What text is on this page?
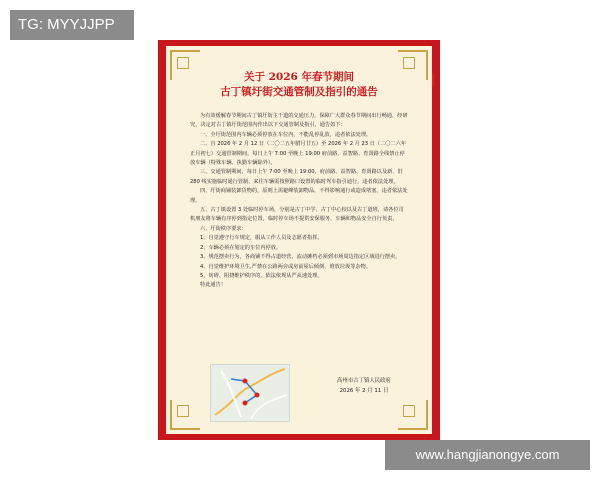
TG: MYYJJPP
关于 2026 年春节期间
古丁镇圩街交通管制及指引的通告

为有效缓解春节期间古丁镇圩街主干道的交通压力，保障广大群众春节期间出行畅通，经研究，决定对古丁镇圩街范围内作出以下交通管制及指引，通告如下：

一、全圩街范围内车辆必须停放在车位内，不能乱停乱放，违者依法处理。

二、自 2026 年 2 月 12 日（二〇二五年腊月廿五）至 2026 年 2 月 23 日（二〇二六年正月初七）交通管制期间，每日上午 7:00 至晚上 19:00 府前路、益智路、育贤路全线禁止停放车辆（特殊车辆、执勤车辆除外）。

三、交通管制期间，每日上午 7:00 至晚上 19:00，府前路、益智路、育贤路以及新、旧 280 线实施临时通行管制，来往车辆需按照路口设置的临时驾车指引通行，违者依法处理。

四、圩街商铺装卸货物的，原则上需避峰装卸物品，不得影响通行或造成堵塞，违者依法处理。

五、古丁镇设置 3 处临时停车场，分别是古丁中学、古丁中心校以及古丁道班，请各位司机朋友将车辆有序停到指定位置，临时停车场不提供安保服务，车辆和物品安全自行负责。

六、圩街秩序要求：

1、自觉遵守行车规定，服从工作人员及志愿者指挥。

2、车辆必须在划定的车位内停放。

3、规范摆卖行为，各商铺不得占道经营，流动摊档必须到市场周边指定区域进行摆卖。

4、自觉维护环境卫生,严禁在公路两旁或房前屋后倾倒、堆放垃圾等杂物。

5、妨碍、阻挠维护秩序的，依法依规从严从速处理。

特此通告！

高州市古丁镇人民政府
2026 年 2 月 11 日
www.hangjianongye.com
